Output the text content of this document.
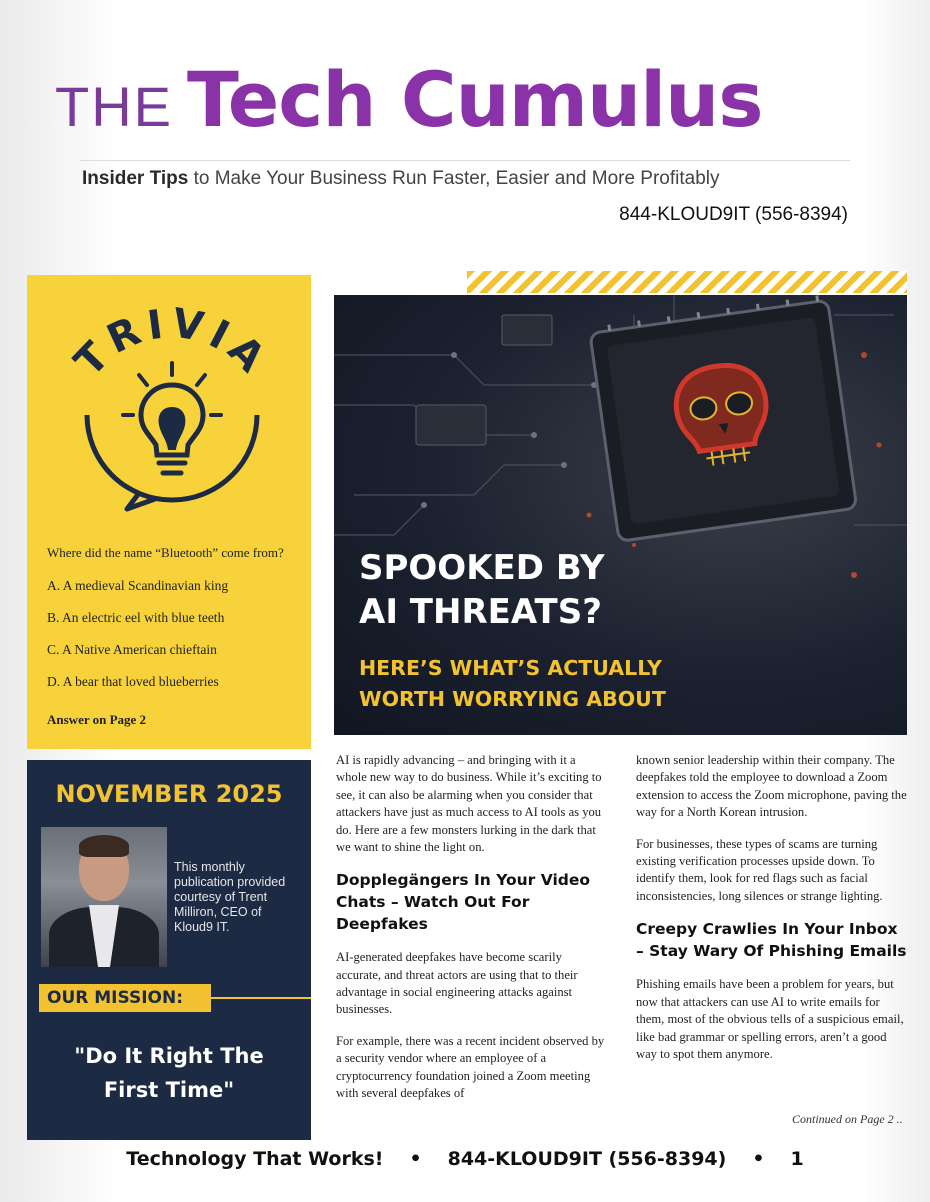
THE Tech Cumulus
Insider Tips to Make Your Business Run Faster, Easier and More Profitably
844-KLOUD9IT (556-8394)
TRIVIA
Where did the name “Bluetooth” come from?
A. A medieval Scandinavian king
B. An electric eel with blue teeth
C. A Native American chieftain
D. A bear that loved blueberries
Answer on Page 2
NOVEMBER 2025
This monthly publication provided courtesy of Trent Milliron, CEO of Kloud9 IT.
OUR MISSION:
"Do It Right The First Time"
SPOOKED BY
AI THREATS?
HERE’S WHAT’S ACTUALLY
WORTH WORRYING ABOUT

AI is rapidly advancing – and bringing with it a whole new way to do business. While it’s exciting to see, it can also be alarming when you consider that attackers have just as much access to AI tools as you do. Here are a few monsters lurking in the dark that we want to shine the light on.

Dopplegängers In Your Video Chats – Watch Out For Deepfakes

AI-generated deepfakes have become scarily accurate, and threat actors are using that to their advantage in social engineering attacks against businesses.

For example, there was a recent incident observed by a security vendor where an employee of a cryptocurrency foundation joined a Zoom meeting with several deepfakes of

known senior leadership within their company. The deepfakes told the employee to download a Zoom extension to access the Zoom microphone, paving the way for a North Korean intrusion.

For businesses, these types of scams are turning existing verification processes upside down. To identify them, look for red flags such as facial inconsistencies, long silences or strange lighting.

Creepy Crawlies In Your Inbox – Stay Wary Of Phishing Emails

Phishing emails have been a problem for years, but now that attackers can use AI to write emails for them, most of the obvious tells of a suspicious email, like bad grammar or spelling errors, aren’t a good way to spot them anymore.

Continued on Page 2 ..
Technology That Works! • 844-KLOUD9IT (556-8394) • 1
